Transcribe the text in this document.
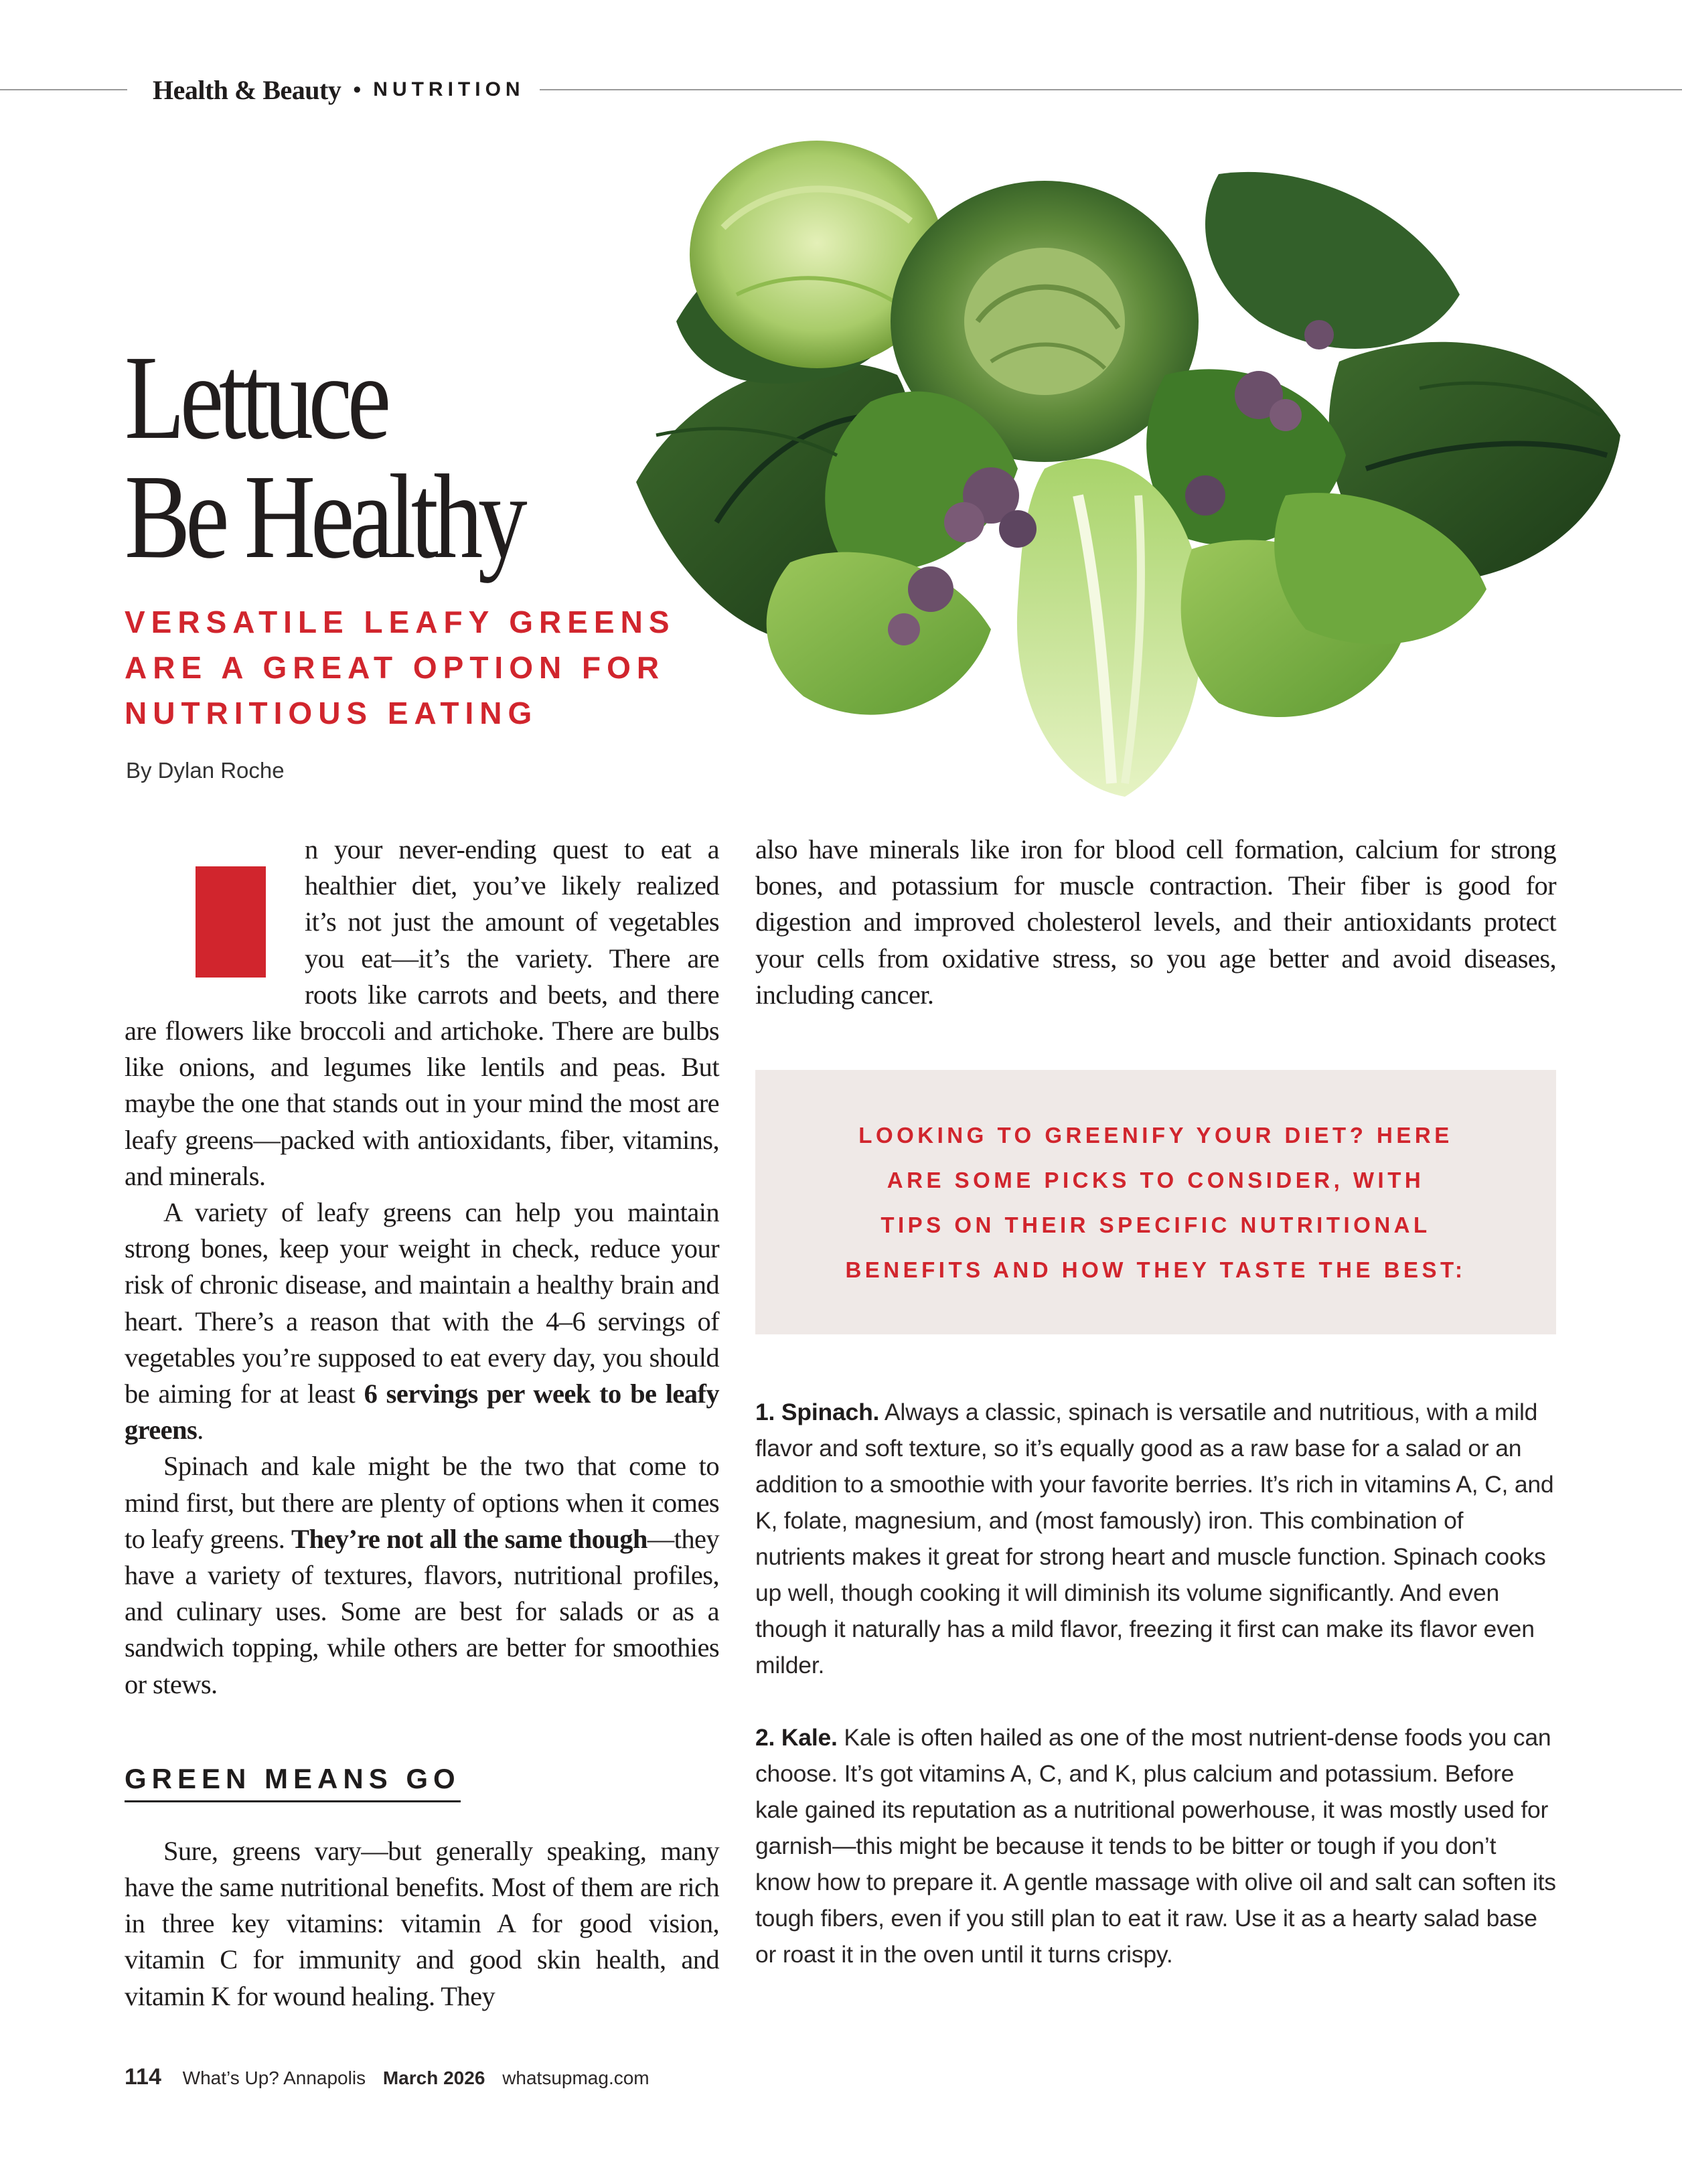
Health & Beauty • NUTRITION
Lettuce
Be Healthy
VERSATILE LEAFY GREENS
ARE A GREAT OPTION FOR
NUTRITIOUS EATING
By Dylan Roche

n your never-ending quest to eat a healthier diet, you’ve likely realized it’s not just the amount of vegetables you eat—it’s the variety. There are roots like carrots and beets, and there are flowers like broccoli and artichoke. There are bulbs like onions, and legumes like lentils and peas. But maybe the one that stands out in your mind the most are leafy greens—packed with antioxidants, fiber, vitamins, and minerals.

A variety of leafy greens can help you maintain strong bones, keep your weight in check, reduce your risk of chronic disease, and maintain a healthy brain and heart. There’s a reason that with the 4–6 servings of vegetables you’re supposed to eat every day, you should be aiming for at least 6 servings per week to be leafy greens.

Spinach and kale might be the two that come to mind first, but there are plenty of options when it comes to leafy greens. They’re not all the same though—they have a variety of textures, flavors, nutritional profiles, and culinary uses. Some are best for salads or as a sandwich topping, while others are better for smoothies or stews.

GREEN MEANS GO

Sure, greens vary—but generally speaking, many have the same nutritional benefits. Most of them are rich in three key vitamins: vitamin A for good vision, vitamin C for immunity and good skin health, and vitamin K for wound healing. They

also have minerals like iron for blood cell formation, calcium for strong bones, and potassium for muscle contraction. Their fiber is good for digestion and improved cholesterol levels, and their antioxidants protect your cells from oxidative stress, so you age better and avoid diseases, including cancer.

LOOKING TO GREENIFY YOUR DIET? HERE
ARE SOME PICKS TO CONSIDER, WITH
TIPS ON THEIR SPECIFIC NUTRITIONAL
BENEFITS AND HOW THEY TASTE THE BEST:

1. Spinach. Always a classic, spinach is versatile and nutritious, with a mild flavor and soft texture, so it’s equally good as a raw base for a salad or an addition to a smoothie with your favorite berries. It’s rich in vitamins A, C, and K, folate, magnesium, and (most famously) iron. This combination of nutrients makes it great for strong heart and muscle function. Spinach cooks up well, though cooking it will diminish its volume significantly. And even though it naturally has a mild flavor, freezing it first can make its flavor even milder.

2. Kale. Kale is often hailed as one of the most nutrient-dense foods you can choose. It’s got vitamins A, C, and K, plus calcium and potassium. Before kale gained its reputation as a nutritional powerhouse, it was mostly used for garnish—this might be because it tends to be bitter or tough if you don’t know how to prepare it. A gentle massage with olive oil and salt can soften its tough fibers, even if you still plan to eat it raw. Use it as a hearty salad base or roast it in the oven until it turns crispy.

114 What’s Up? Annapolis March 2026 whatsupmag.com
